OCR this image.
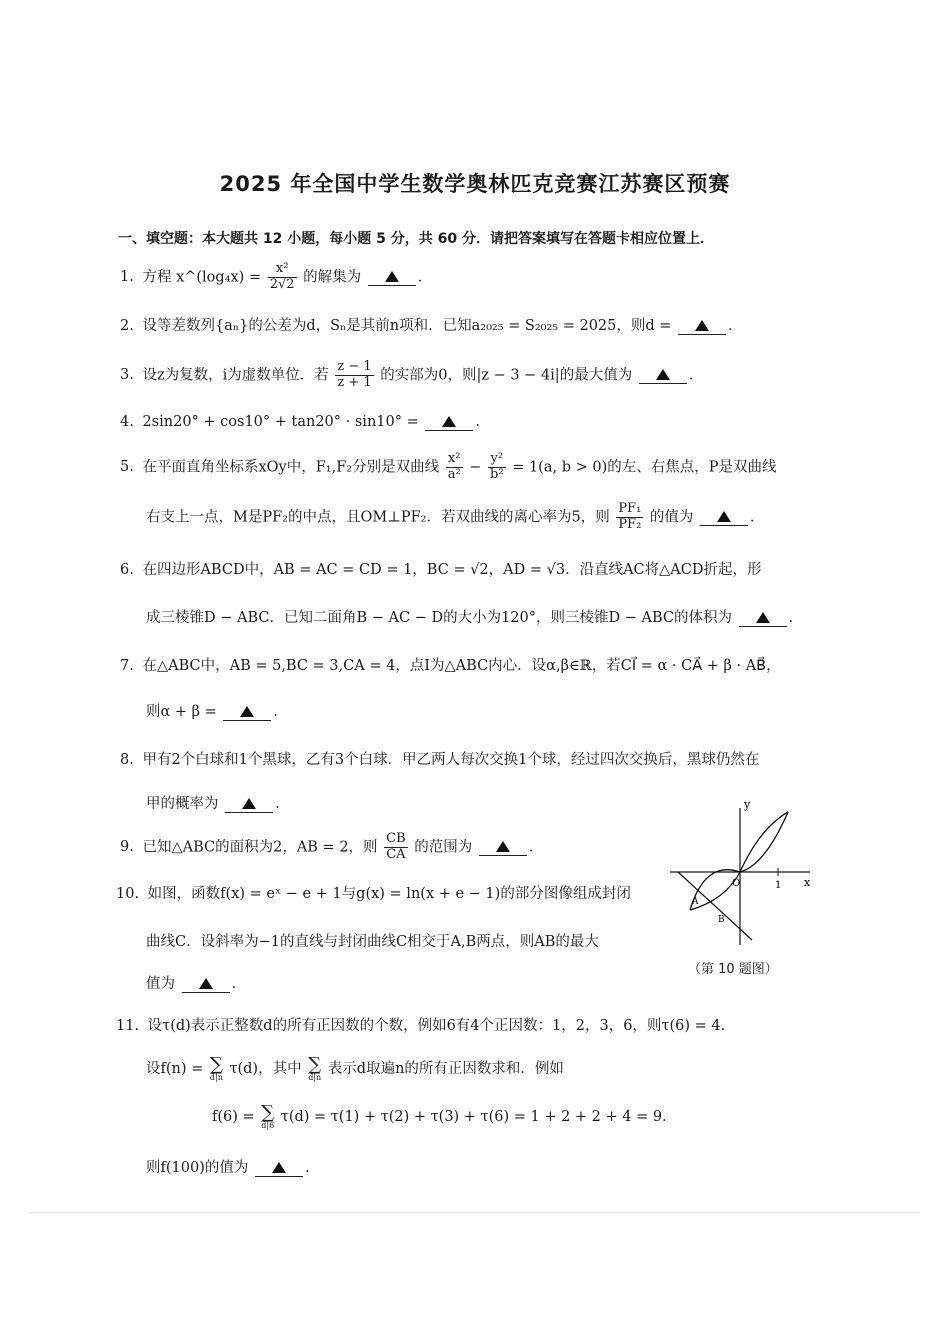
2025 年全国中学生数学奥林匹克竞赛江苏赛区预赛
一、填空题：本大题共 12 小题，每小题 5 分，共 60 分．请把答案填写在答题卡相应位置上．
1. 方程 x^(log₄x) = $\frac{\text{x²}}{2√2}$ 的解集为	．
2. 设等差数列{aₙ}的公差为d，Sₙ是其前n项和．已知a₂₀₂₅ = S₂₀₂₅ = 2025，则d =	．
3. 设z为复数，i为虚数单位．若 $\frac{z - 1}{z + 1}$ 的实部为0，则|z − 3 − 4i|的最大值为	．
4. 2sin20° + cos10° + tan20° · sin10° =	．
5. 在平面直角坐标系xOy中，F₁,F₂分别是双曲线 $\frac{\text{x²}}{\text{a²}} - \frac{\text{y²}}{\text{b²}} = 1(a$, b > 0)的左、右焦点，P是双曲线
右支上一点，M是PF₂的中点，且OM⊥PF₂．若双曲线的离心率为5，则 $\frac{\text{PF₁}}{\text{PF₂}}$ 的值为	．
6. 在四边形ABCD中，AB = AC = CD = 1，BC = √2，AD = √3．沿直线AC将△ACD折起，形
成三棱锥D − ABC．已知二面角B − AC − D的大小为120°，则三棱锥D − ABC的体积为	．
7. 在△ABC中，AB = 5,BC = 3,CA = 4，点I为△ABC内心．设α,β∈ℝ，若CI⃗ = α · CA⃗ + β · AB⃗，
则α + β =	．
8. 甲有2个白球和1个黑球，乙有3个白球．甲乙两人每次交换1个球，经过四次交换后，黑球仍然在
甲的概率为	．
9. 已知△ABC的面积为2，AB = 2，则 $\frac{CB}{CA}$ 的范围为	．
10. 如图，函数f(x) = eˣ − e + 1与g(x) = ln(x + e − 1)的部分图像组成封闭
曲线C．设斜率为−1的直线与封闭曲线C相交于A,B两点，则AB的最大
值为	．
y
x
O	1
A
B
（第 10 题图）
11. 设τ(d)表示正整数d的所有正因数的个数，例如6有4个正因数：1，2，3，6，则τ(6) = 4．
设f(n) = ∑
d|n
τ(d)，其中 ∑
d|n
表示d取遍n的所有正因数求和．例如
f(6) = ∑
d|6
τ(d) = τ(1) + τ(2) + τ(3) + τ(6) = 1 + 2 + 2 + 4 = 9．
则f(100)的值为	．
